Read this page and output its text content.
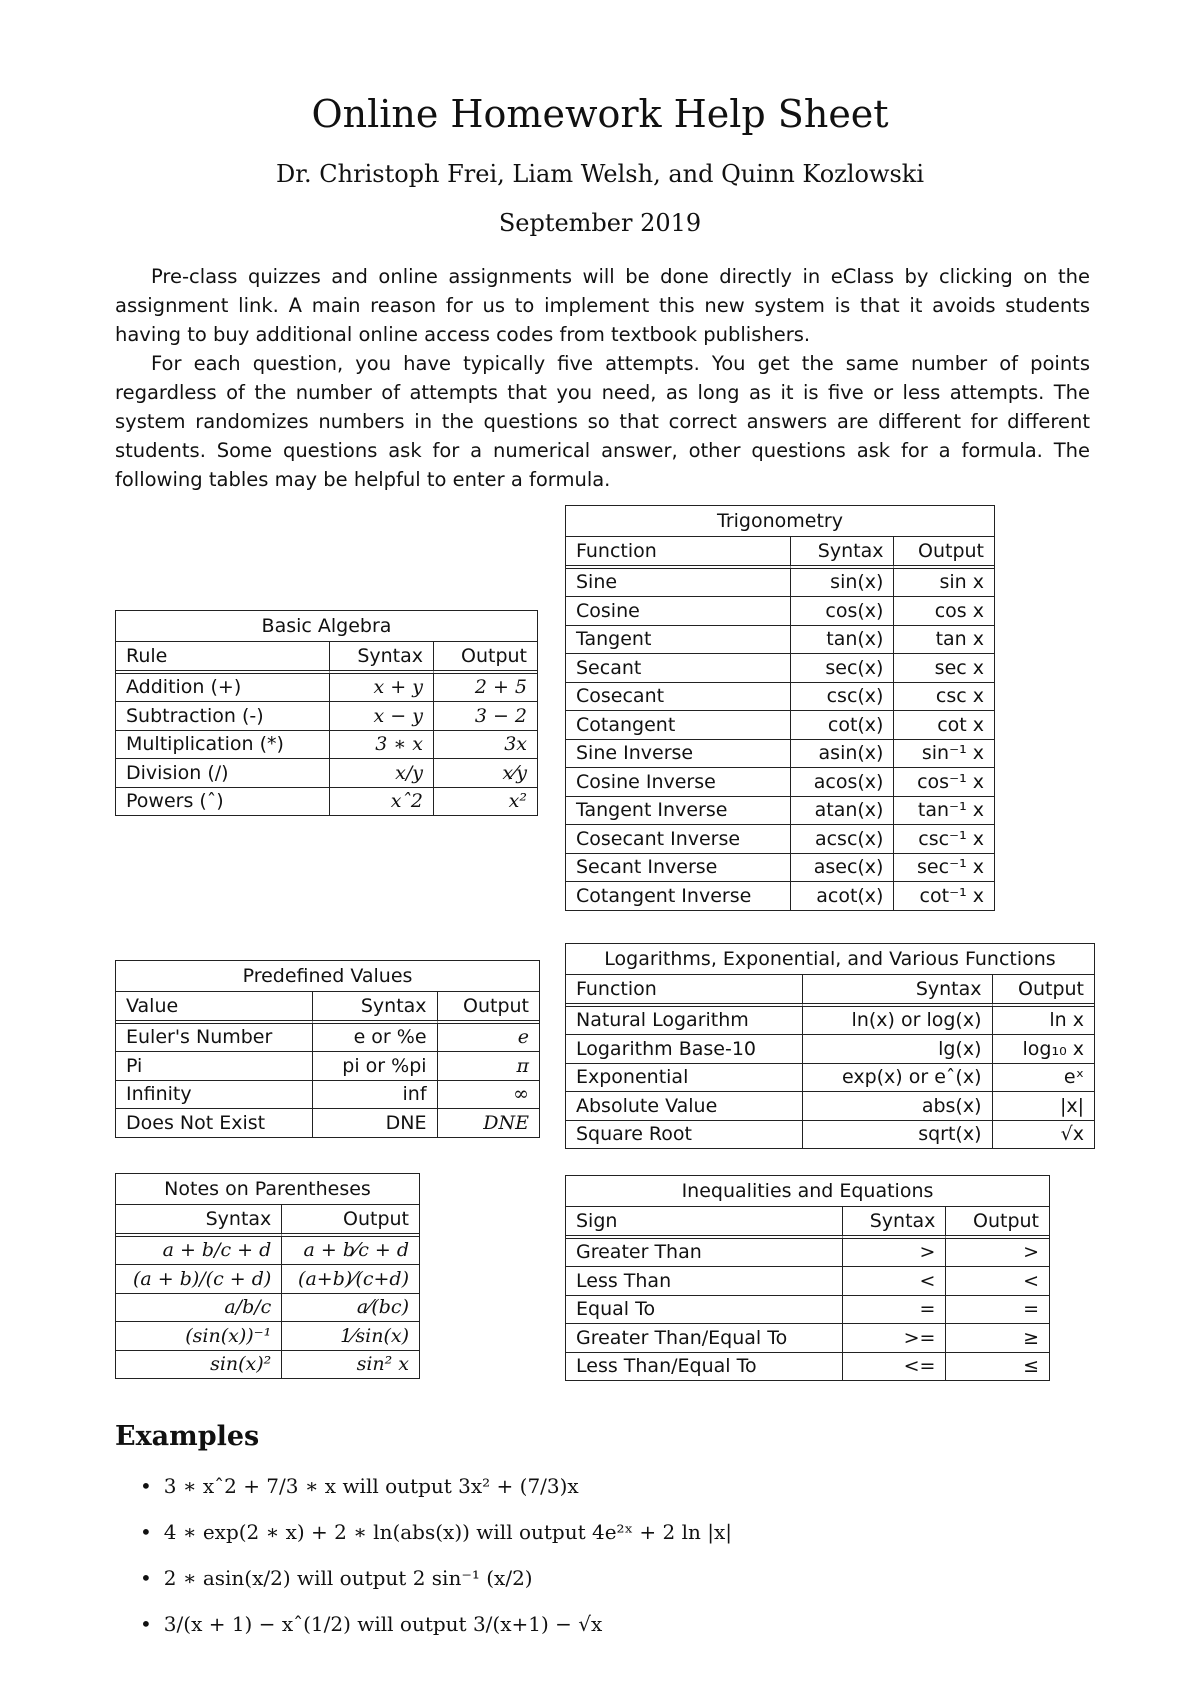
Online Homework Help Sheet
Dr. Christoph Frei, Liam Welsh, and Quinn Kozlowski
September 2019
Pre-class quizzes and online assignments will be done directly in eClass by clicking on the assignment link. A main reason for us to implement this new system is that it avoids students having to buy additional online access codes from textbook publishers.
For each question, you have typically five attempts. You get the same number of points regardless of the number of attempts that you need, as long as it is five or less attempts. The system randomizes numbers in the questions so that correct answers are different for different students. Some questions ask for a numerical answer, other questions ask for a formula. The following tables may be helpful to enter a formula.
Basic Algebra		
Rule	Syntax	Output
Addition (+)	x + y	2 + 5
Subtraction (-)	x − y	3 − 2
Multiplication (*)	3 ∗ x	3x
Division (/)	x/y	x⁄y
Powers (ˆ)	xˆ2	x²
Trigonometry		
Function	Syntax	Output
Sine	sin(x)	sin x
Cosine	cos(x)	cos x
Tangent	tan(x)	tan x
Secant	sec(x)	sec x
Cosecant	csc(x)	csc x
Cotangent	cot(x)	cot x
Sine Inverse	asin(x)	sin⁻¹ x
Cosine Inverse	acos(x)	cos⁻¹ x
Tangent Inverse	atan(x)	tan⁻¹ x
Cosecant Inverse	acsc(x)	csc⁻¹ x
Secant Inverse	asec(x)	sec⁻¹ x
Cotangent Inverse	acot(x)	cot⁻¹ x
Predefined Values		
Value	Syntax	Output
Euler's Number	e or %e	e
Pi	pi or %pi	π
Infinity	inf	∞
Does Not Exist	DNE	DNE
Logarithms, Exponential, and Various Functions		
Function	Syntax	Output
Natural Logarithm	ln(x) or log(x)	ln x
Logarithm Base-10	lg(x)	log₁₀ x
Exponential	exp(x) or eˆ(x)	eˣ
Absolute Value	abs(x)	|x|
Square Root	sqrt(x)	√x
Notes on Parentheses	
Syntax	Output
a + b/c + d	a + b⁄c + d
(a + b)/(c + d)	(a+b)⁄(c+d)
a/b/c	a⁄(bc)
(sin(x))⁻¹	1⁄sin(x)
sin(x)²	sin² x
Inequalities and Equations		
Sign	Syntax	Output
Greater Than	>	>
Less Than	<	<
Equal To	=	=
Greater Than/Equal To	>=	≥
Less Than/Equal To	<=	≤
Examples
• 3 ∗ xˆ2 + 7/3 ∗ x will output 3x² + (7/3)x
• 4 ∗ exp(2 ∗ x) + 2 ∗ ln(abs(x)) will output 4e²ˣ + 2 ln |x|
• 2 ∗ asin(x/2) will output 2 sin⁻¹ (x/2)
• 3/(x + 1) − xˆ(1/2) will output 3/(x+1) − √x
